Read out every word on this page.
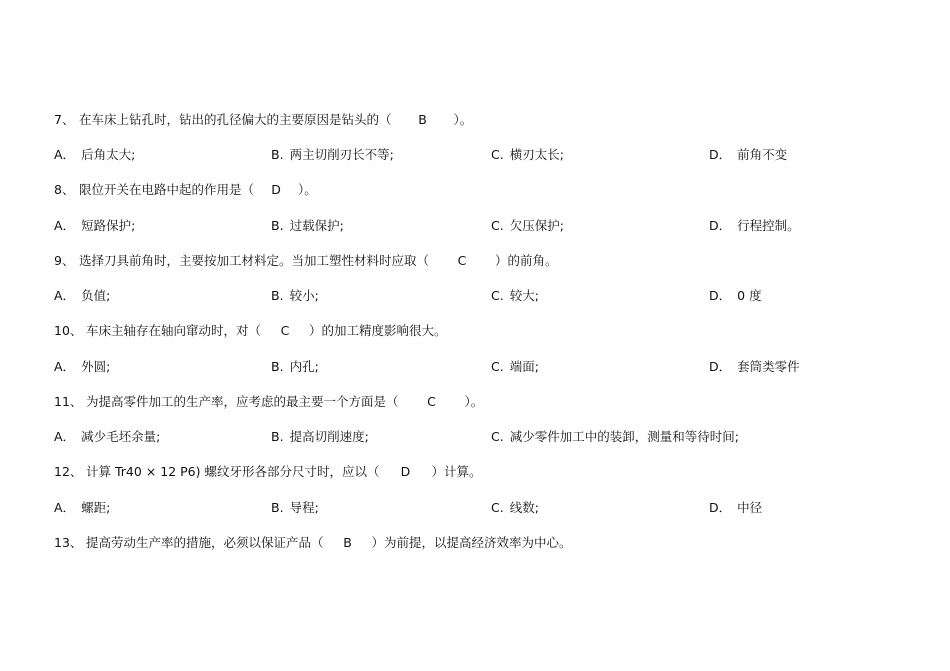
7、 在车床上钻孔时，钻出的孔径偏大的主要原因是钻头的（ B ）。
A． 后角太大;	B. 两主切削刃长不等;	C. 横刃太长;	D． 前角不变
8、 限位开关在电路中起的作用是（ D ）。
A． 短路保护;	B. 过载保护;	C. 欠压保护;	D． 行程控制。
9、 选择刀具前角时，主要按加工材料定。当加工塑性材料时应取（ C ）的前角。
A． 负值;	B. 较小;	C. 较大;	D． 0 度
10、 车床主轴存在轴向窜动时，对（ C ）的加工精度影响很大。
A． 外圆;	B. 内孔;	C. 端面;	D． 套筒类零件
11、 为提高零件加工的生产率，应考虑的最主要一个方面是（ C ）。
A． 减少毛坯余量;	B. 提高切削速度;	C. 减少零件加工中的装卸，测量和等待时间;
12、 计算 Tr40 × 12 P6) 螺纹牙形各部分尺寸时，应以（ D ）计算。
A． 螺距;	B. 导程;	C. 线数;	D． 中径
13、 提高劳动生产率的措施，必须以保证产品（ B ）为前提，以提高经济效率为中心。
